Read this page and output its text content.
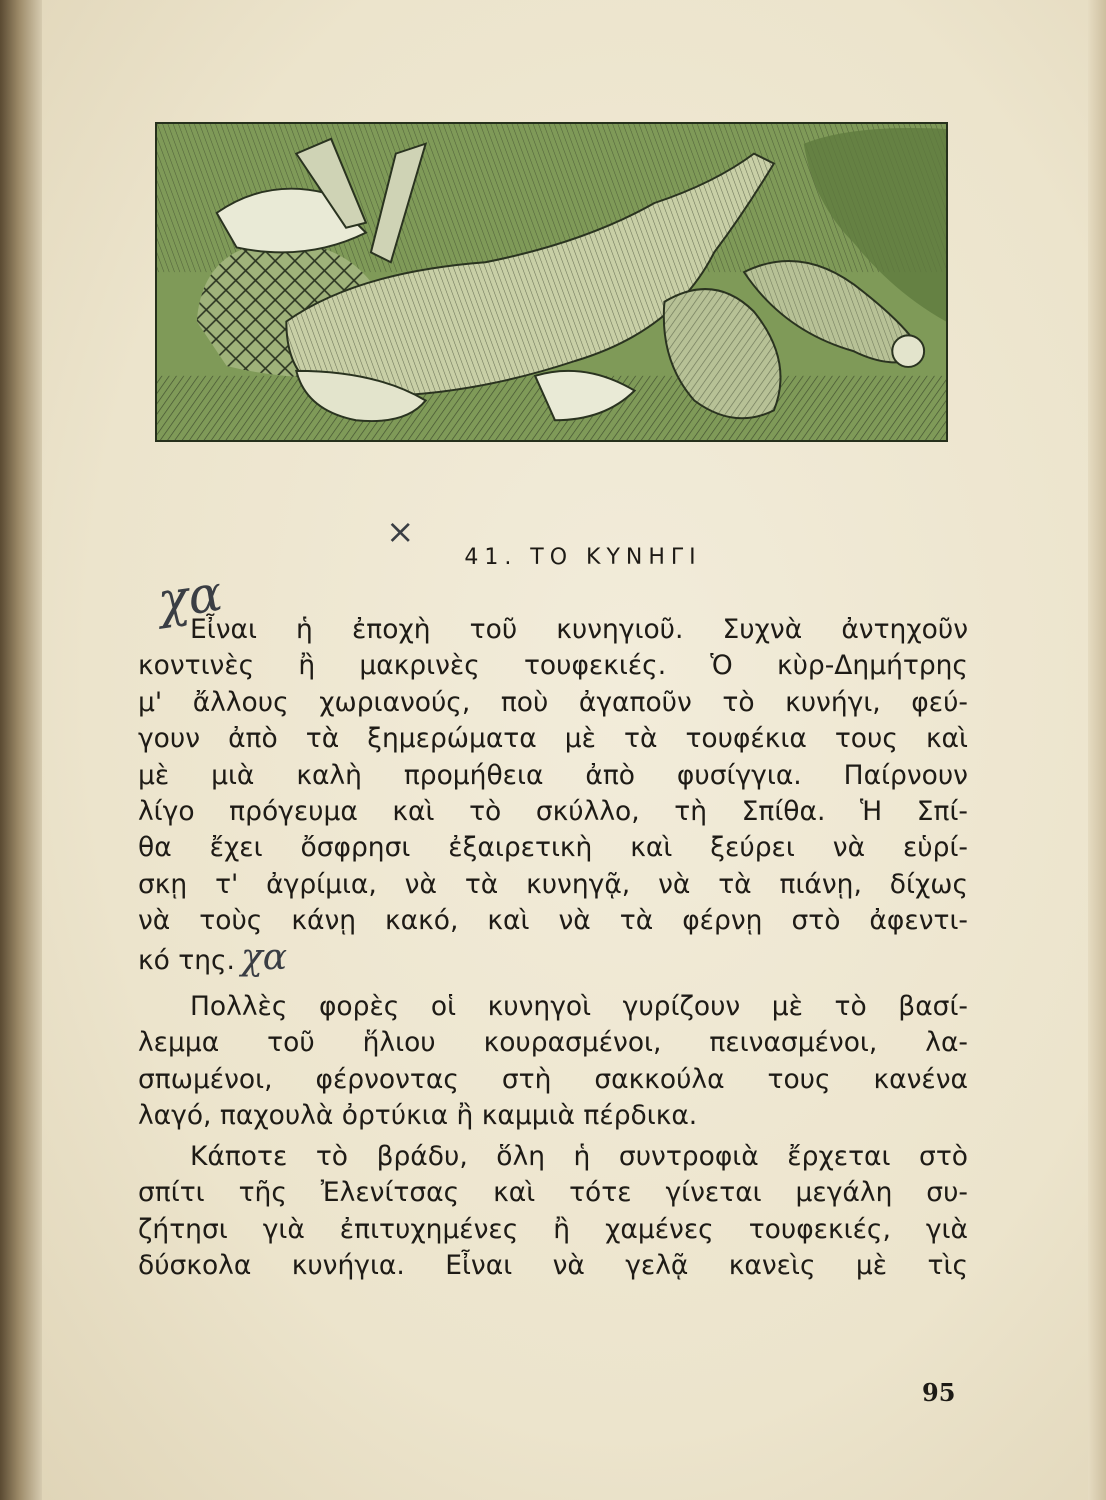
×
χα
41. ΤΟ ΚΥΝΗΓΙ
Εἶναι ἡ ἐποχὴ τοῦ κυνηγιοῦ. Συχνὰ ἀντηχοῦν
κοντινὲς ἢ μακρινὲς τουφεκιές. Ὁ κὺρ-Δημήτρης
μ' ἄλλους χωριανούς, ποὺ ἀγαποῦν τὸ κυνήγι, φεύ-
γουν ἀπὸ τὰ ξημερώματα μὲ τὰ τουφέκια τους καὶ
μὲ μιὰ καλὴ προμήθεια ἀπὸ φυσίγγια. Παίρνουν
λίγο πρόγευμα καὶ τὸ σκύλλο, τὴ Σπίθα. Ἡ Σπί-
θα ἔχει ὄσφρησι ἐξαιρετικὴ καὶ ξεύρει νὰ εὑρί-
σκῃ τ' ἀγρίμια, νὰ τὰ κυνηγᾷ, νὰ τὰ πιάνῃ, δίχως
νὰ τοὺς κάνῃ κακό, καὶ νὰ τὰ φέρνῃ στὸ ἀφεντι-
κό της. χα
Πολλὲς φορὲς οἱ κυνηγοὶ γυρίζουν μὲ τὸ βασί-
λεμμα τοῦ ἥλιου κουρασμένοι, πεινασμένοι, λα-
σπωμένοι, φέρνοντας στὴ σακκούλα τους κανένα
λαγό, παχουλὰ ὀρτύκια ἢ καμμιὰ πέρδικα.
Κάποτε τὸ βράδυ, ὅλη ἡ συντροφιὰ ἔρχεται στὸ
σπίτι τῆς Ἐλενίτσας καὶ τότε γίνεται μεγάλη συ-
ζήτησι γιὰ ἐπιτυχημένες ἢ χαμένες τουφεκιές, γιὰ
δύσκολα κυνήγια. Εἶναι νὰ γελᾷ κανεὶς μὲ τὶς
95
